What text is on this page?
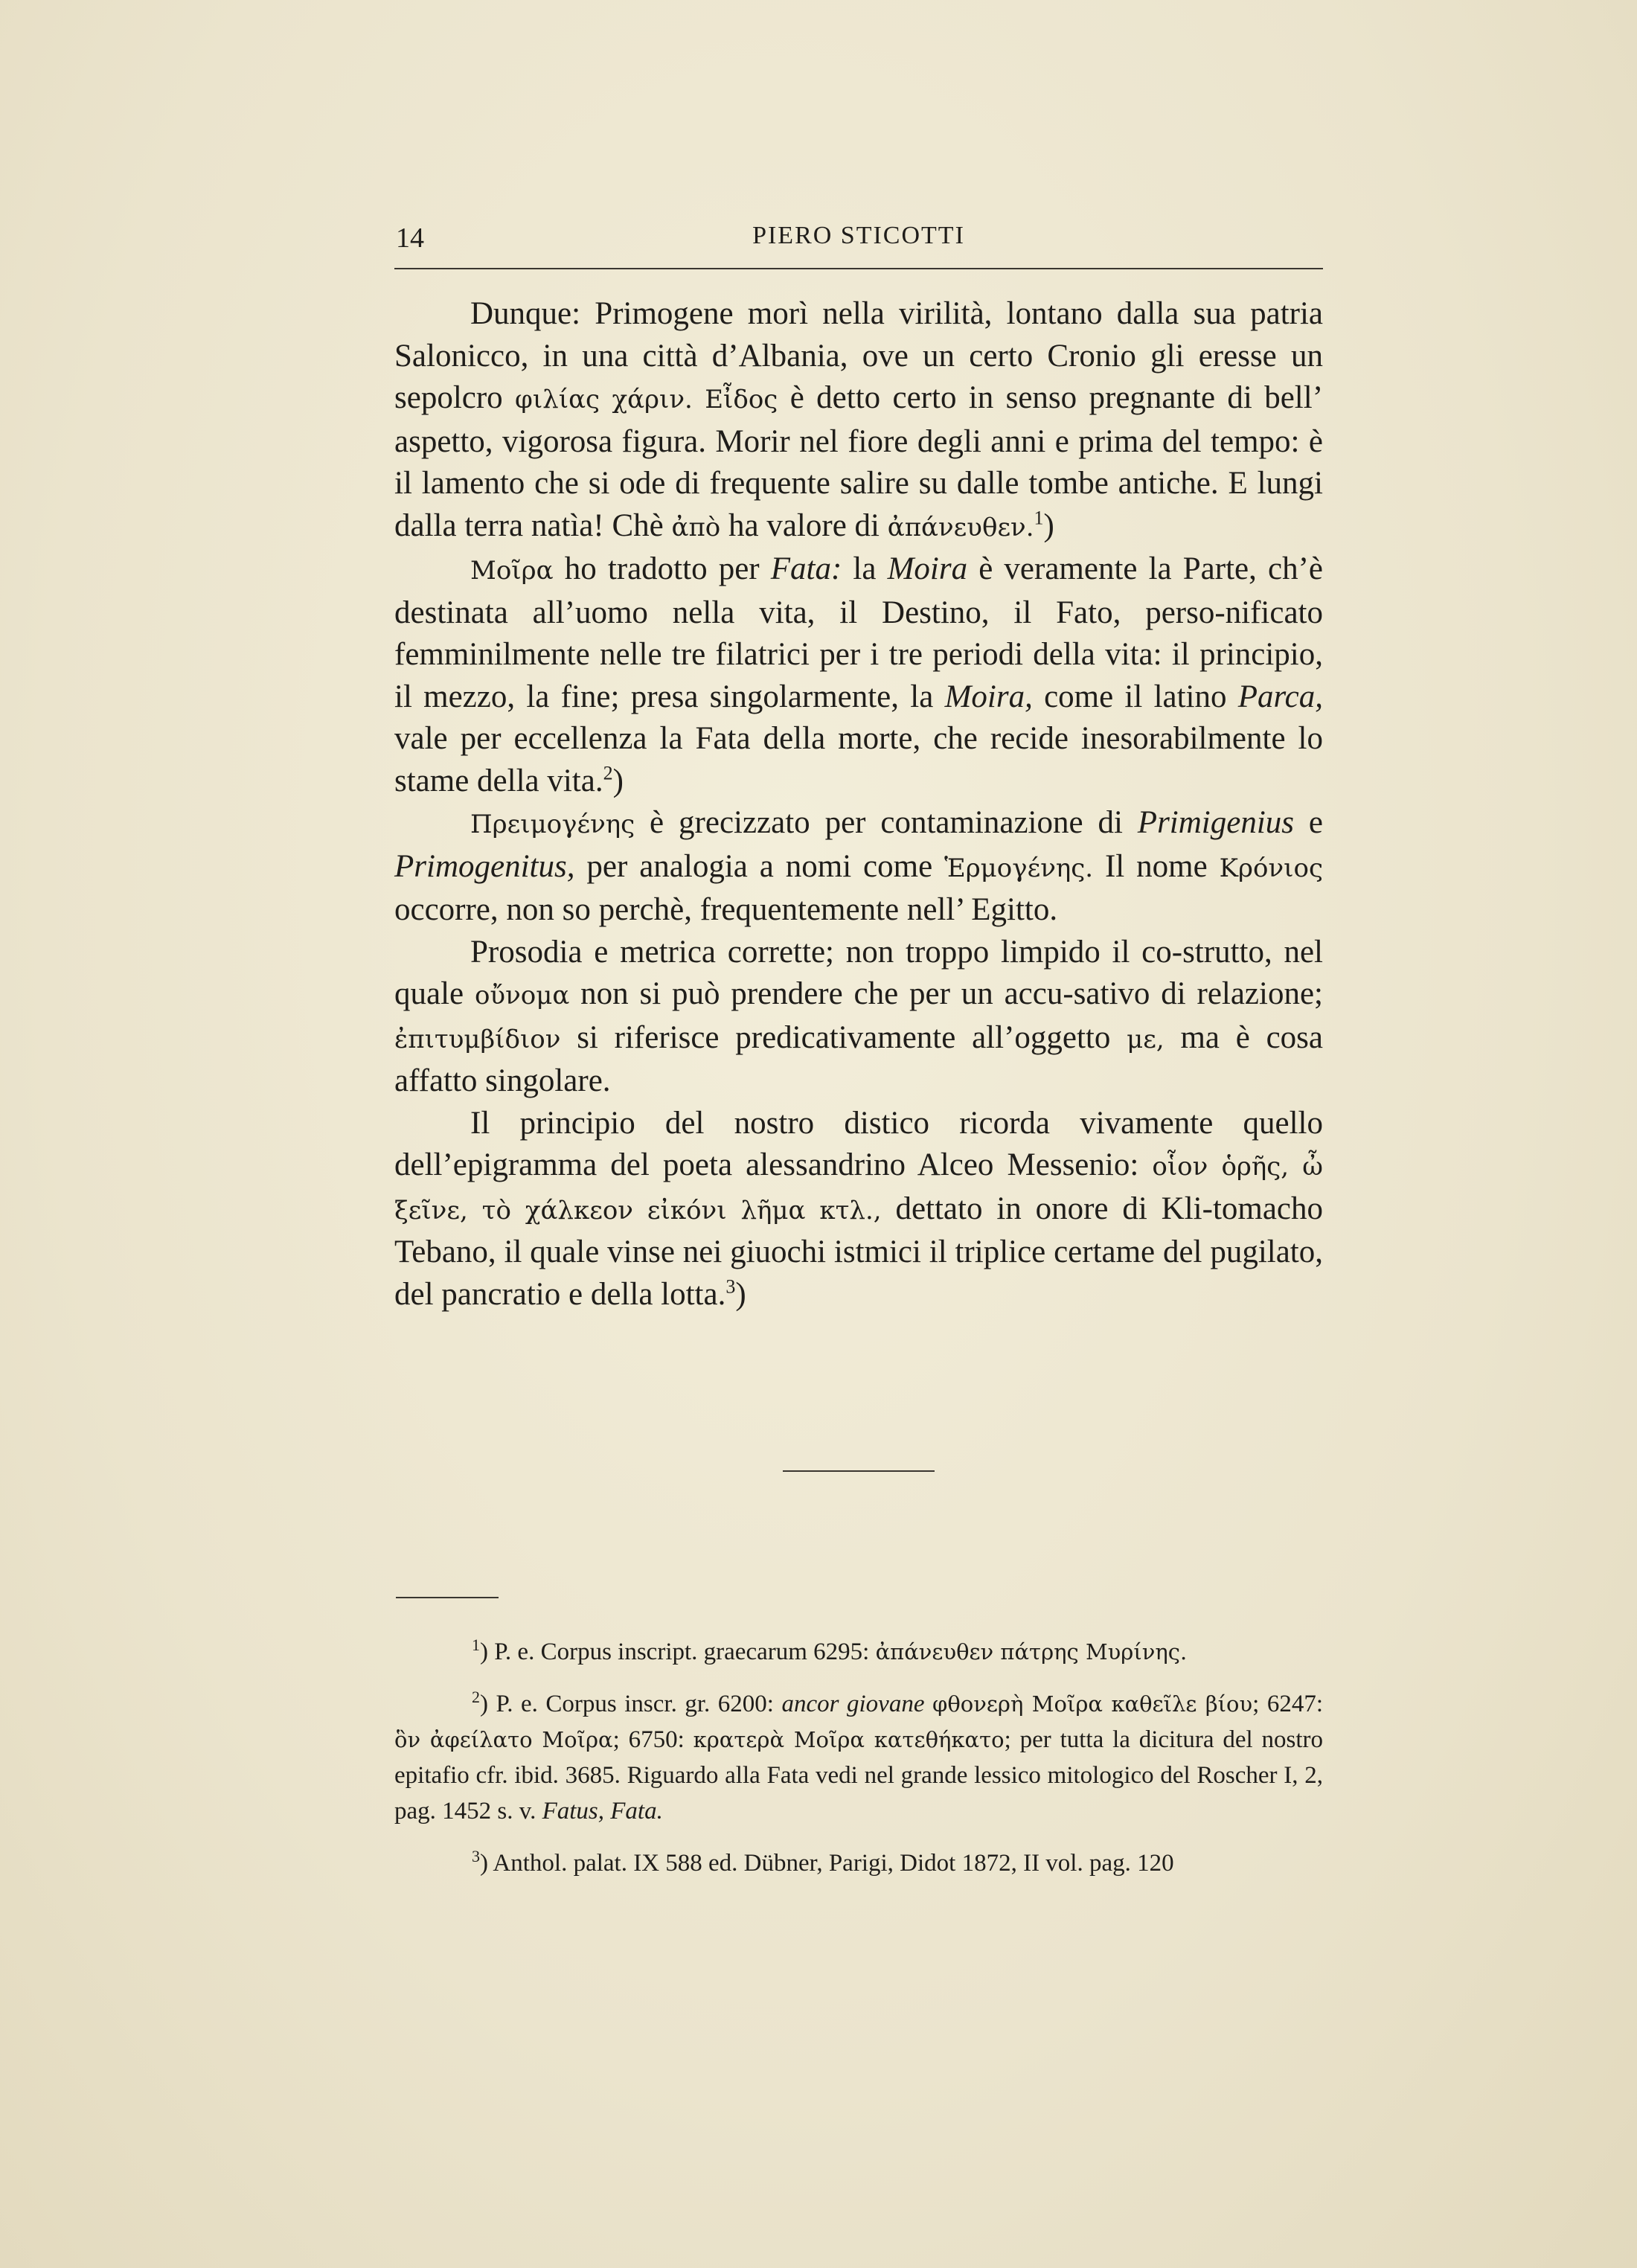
14	PIERO STICOTTI

Dunque: Primogene morì nella virilità, lontano dalla sua patria Salonicco, in una città d’Albania, ove un certo Cronio gli eresse un sepolcro φιλίας χάριν. Εἶδος è detto certo in senso pregnante di bell’ aspetto, vigorosa figura. Morir nel fiore degli anni e prima del tempo: è il lamento che si ode di frequente salire su dalle tombe antiche. E lungi dalla terra natìa! Chè ἀπὸ ha valore di ἀπάνευθεν.$^1$)

Μοῖρα ho tradotto per Fata: la Moira è veramente la Parte, ch’è destinata all’uomo nella vita, il Destino, il Fato, perso-nificato femminilmente nelle tre filatrici per i tre periodi della vita: il principio, il mezzo, la fine; presa singolarmente, la Moira, come il latino Parca, vale per eccellenza la Fata della morte, che recide inesorabilmente lo stame della vita.$^2$)

Πρειμογένης è grecizzato per contaminazione di Primigenius e Primogenitus, per analogia a nomi come Ἑρμογένης. Il nome Κρόνιος occorre, non so perchè, frequentemente nell’ Egitto.

Prosodia e metrica corrette; non troppo limpido il co-strutto, nel quale οὔνομα non si può prendere che per un accu-sativo di relazione; ἐπιτυμβίδιον si riferisce predicativamente all’oggetto με, ma è cosa affatto singolare.

Il principio del nostro distico ricorda vivamente quello dell’epigramma del poeta alessandrino Alceo Messenio: οἷον ὁρῆς, ὦ ξεῖνε, τὸ χάλκεον εἰκόνι λῆμα κτλ., dettato in onore di Kli-tomacho Tebano, il quale vinse nei giuochi istmici il triplice certame del pugilato, del pancratio e della lotta.$^3$)

$^1$) P. e. Corpus inscript. graecarum 6295: ἀπάνευθεν πάτρης Μυρίνης.

$^2$) P. e. Corpus inscr. gr. 6200: ancor giovane φθονερὴ Μοῖρα καθεῖλε βίου; 6247: ὃν ἀφείλατο Μοῖρα; 6750: κρατερὰ Μοῖρα κατεθήκατο; per tutta la dicitura del nostro epitafio cfr. ibid. 3685. Riguardo alla Fata vedi nel grande lessico mitologico del Roscher I, 2, pag. 1452 s. v. Fatus, Fata.

$^3$) Anthol. palat. IX 588 ed. Dübner, Parigi, Didot 1872, II vol. pag. 120
